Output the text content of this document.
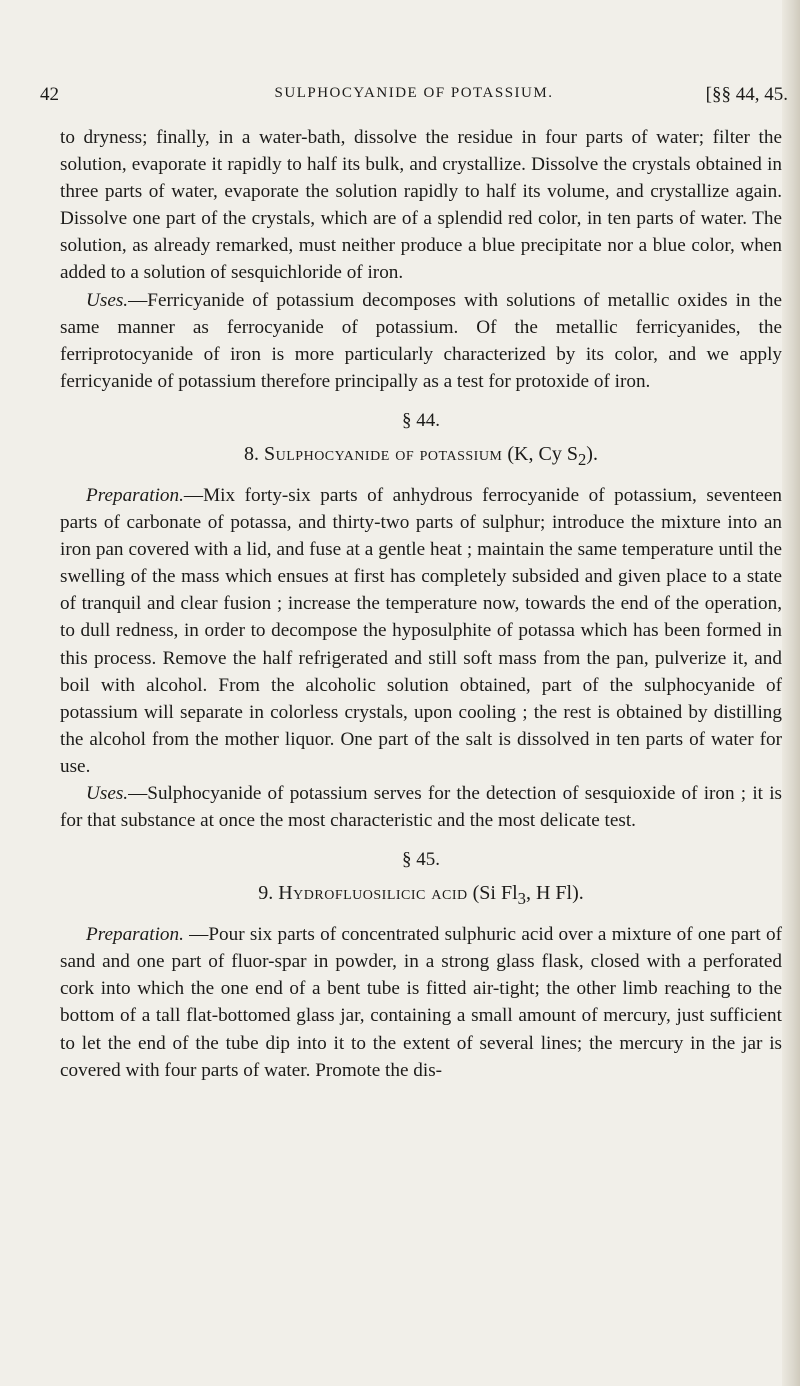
42	SULPHOCYANIDE OF POTASSIUM.	[§§ 44, 45.

to dryness; finally, in a water-bath, dissolve the residue in four parts of water; filter the solution, evaporate it rapidly to half its bulk, and crystallize. Dissolve the crystals obtained in three parts of water, evaporate the solution rapidly to half its volume, and crystallize again. Dissolve one part of the crystals, which are of a splendid red color, in ten parts of water. The solution, as already remarked, must neither produce a blue precipitate nor a blue color, when added to a solution of sesquichloride of iron.

Uses.—Ferricyanide of potassium decomposes with solutions of metallic oxides in the same manner as ferrocyanide of potassium. Of the metallic ferricyanides, the ferriprotocyanide of iron is more particularly characterized by its color, and we apply ferricyanide of potassium therefore principally as a test for protoxide of iron.

§ 44.
8. Sulphocyanide of potassium (K, Cy $S_2$).

Preparation.—Mix forty-six parts of anhydrous ferrocyanide of potassium, seventeen parts of carbonate of potassa, and thirty-two parts of sulphur; introduce the mixture into an iron pan covered with a lid, and fuse at a gentle heat ; maintain the same temperature until the swelling of the mass which ensues at first has completely subsided and given place to a state of tranquil and clear fusion ; increase the temperature now, towards the end of the operation, to dull redness, in order to decompose the hyposulphite of potassa which has been formed in this process. Remove the half refrigerated and still soft mass from the pan, pulverize it, and boil with alcohol. From the alcoholic solution obtained, part of the sulphocyanide of potassium will separate in colorless crystals, upon cooling ; the rest is obtained by distilling the alcohol from the mother liquor. One part of the salt is dissolved in ten parts of water for use.

Uses.—Sulphocyanide of potassium serves for the detection of sesquioxide of iron ; it is for that substance at once the most characteristic and the most delicate test.

§ 45.
9. Hydrofluosilicic acid (Si $Fl_3$, H Fl).

Preparation. —Pour six parts of concentrated sulphuric acid over a mixture of one part of sand and one part of fluor-spar in powder, in a strong glass flask, closed with a perforated cork into which the one end of a bent tube is fitted air-tight; the other limb reaching to the bottom of a tall flat-bottomed glass jar, containing a small amount of mercury, just sufficient to let the end of the tube dip into it to the extent of several lines; the mercury in the jar is covered with four parts of water. Promote the dis-
